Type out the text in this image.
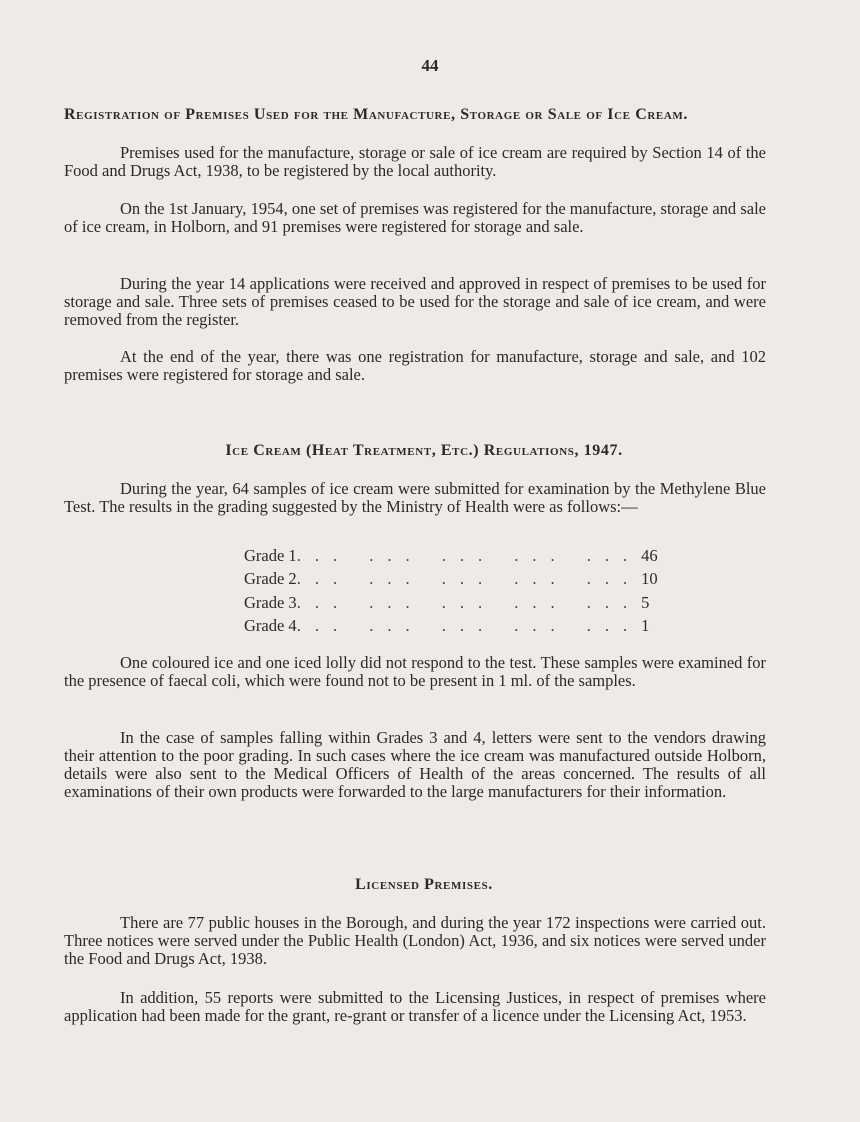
44
Registration of Premises Used for the Manufacture, Storage or Sale of Ice Cream.

Premises used for the manufacture, storage or sale of ice cream are required by Section 14 of the Food and Drugs Act, 1938, to be registered by the local authority.

On the 1st January, 1954, one set of premises was registered for the manufacture, storage and sale of ice cream, in Holborn, and 91 premises were registered for storage and sale.

During the year 14 applications were received and approved in respect of premises to be used for storage and sale. Three sets of premises ceased to be used for the storage and sale of ice cream, and were removed from the register.

At the end of the year, there was one registration for manufacture, storage and sale, and 102 premises were registered for storage and sale.

Ice Cream (Heat Treatment, Etc.) Regulations, 1947.

During the year, 64 samples of ice cream were submitted for examination by the Methylene Blue Test. The results in the grading suggested by the Ministry of Health were as follows:—

Grade 1 ... ... ... ... ... 46
Grade 2 ... ... ... ... ... 10
Grade 3 ... ... ... ... ... 5
Grade 4 ... ... ... ... ... 1

One coloured ice and one iced lolly did not respond to the test. These samples were examined for the presence of faecal coli, which were found not to be present in 1 ml. of the samples.

In the case of samples falling within Grades 3 and 4, letters were sent to the vendors drawing their attention to the poor grading. In such cases where the ice cream was manufactured outside Holborn, details were also sent to the Medical Officers of Health of the areas concerned. The results of all examinations of their own products were forwarded to the large manufacturers for their information.

Licensed Premises.

There are 77 public houses in the Borough, and during the year 172 inspections were carried out. Three notices were served under the Public Health (London) Act, 1936, and six notices were served under the Food and Drugs Act, 1938.

In addition, 55 reports were submitted to the Licensing Justices, in respect of premises where application had been made for the grant, re-grant or transfer of a licence under the Licensing Act, 1953.
